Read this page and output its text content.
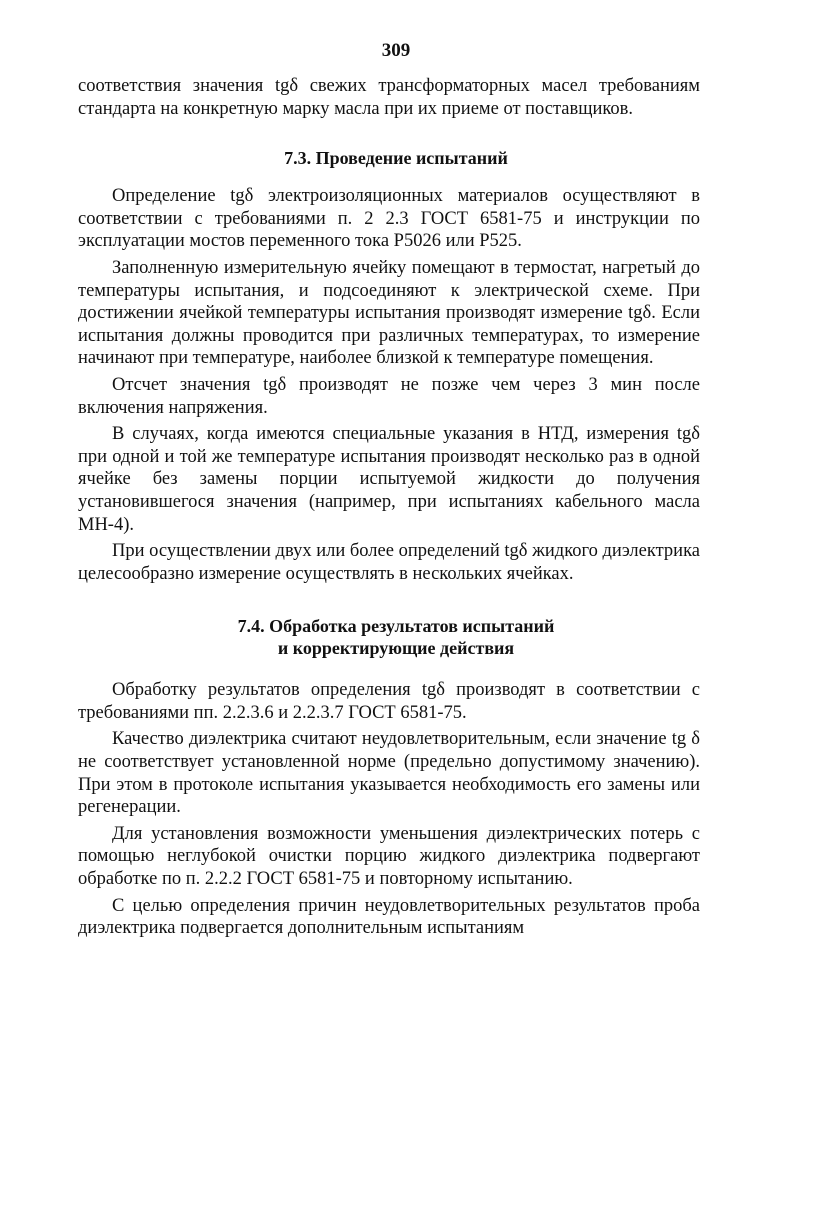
309

соответствия значения tgδ свежих трансформаторных масел требованиям стандарта на конкретную марку масла при их приеме от поставщиков.

7.3. Проведение испытаний

Определение tgδ электроизоляционных материалов осуществляют в соответствии с требованиями п. 2 2.3 ГОСТ 6581-75 и инструкции по эксплуатации мостов переменного тока Р5026 или Р525.

Заполненную измерительную ячейку помещают в термостат, нагретый до температуры испытания, и подсоединяют к электрической схеме. При достижении ячейкой температуры испытания производят измерение tgδ. Если испытания должны проводится при различных температурах, то измерение начинают при температуре, наиболее близкой к температуре помещения.

Отсчет значения tgδ производят не позже чем через 3 мин после включения напряжения.

В случаях, когда имеются специальные указания в НТД, измерения tgδ при одной и той же температуре испытания производят несколько раз в одной ячейке без замены порции испытуемой жидкости до получения установившегося значения (например, при испытаниях кабельного масла МН-4).

При осуществлении двух или более определений tgδ жидкого диэлектрика целесообразно измерение осуществлять в нескольких ячейках.

7.4. Обработка результатов испытаний
и корректирующие действия

Обработку результатов определения tgδ производят в соответствии с требованиями пп. 2.2.3.6 и 2.2.3.7 ГОСТ 6581-75.

Качество диэлектрика считают неудовлетворительным, если значение tg δ не соответствует установленной норме (предельно допустимому значению). При этом в протоколе испытания указывается необходимость его замены или регенерации.

Для установления возможности уменьшения диэлектрических потерь с помощью неглубокой очистки порцию жидкого диэлектрика подвергают обработке по п. 2.2.2 ГОСТ 6581-75 и повторному испытанию.

С целью определения причин неудовлетворительных результатов проба диэлектрика подвергается дополнительным испытаниям
